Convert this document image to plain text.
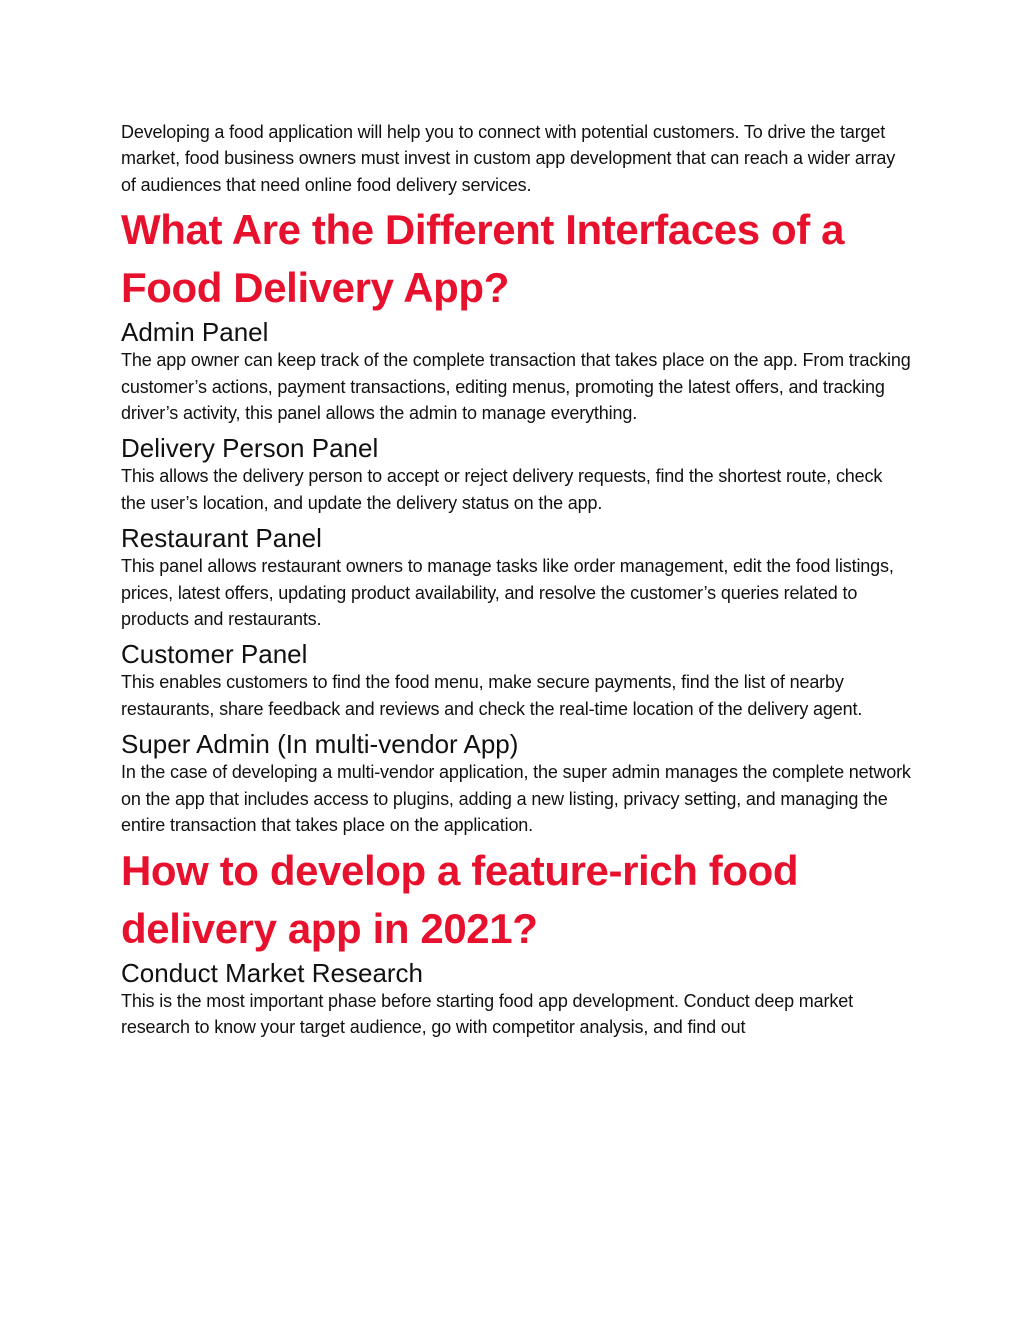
Developing a food application will help you to connect with potential customers. To drive the target market, food business owners must invest in custom app development that can reach a wider array of audiences that need online food delivery services.

What Are the Different Interfaces of a Food Delivery App?
Admin Panel

The app owner can keep track of the complete transaction that takes place on the app. From tracking customer’s actions, payment transactions, editing menus, promoting the latest offers, and tracking driver’s activity, this panel allows the admin to manage everything.

Delivery Person Panel

This allows the delivery person to accept or reject delivery requests, find the shortest route, check the user’s location, and update the delivery status on the app.

Restaurant Panel

This panel allows restaurant owners to manage tasks like order management, edit the food listings, prices, latest offers, updating product availability, and resolve the customer’s queries related to products and restaurants.

Customer Panel

This enables customers to find the food menu, make secure payments, find the list of nearby restaurants, share feedback and reviews and check the real-time location of the delivery agent.

Super Admin (In multi-vendor App)

In the case of developing a multi-vendor application, the super admin manages the complete network on the app that includes access to plugins, adding a new listing, privacy setting, and managing the entire transaction that takes place on the application.

How to develop a feature-rich food delivery app in 2021?
Conduct Market Research

This is the most important phase before starting food app development. Conduct deep market research to know your target audience, go with competitor analysis, and find out
